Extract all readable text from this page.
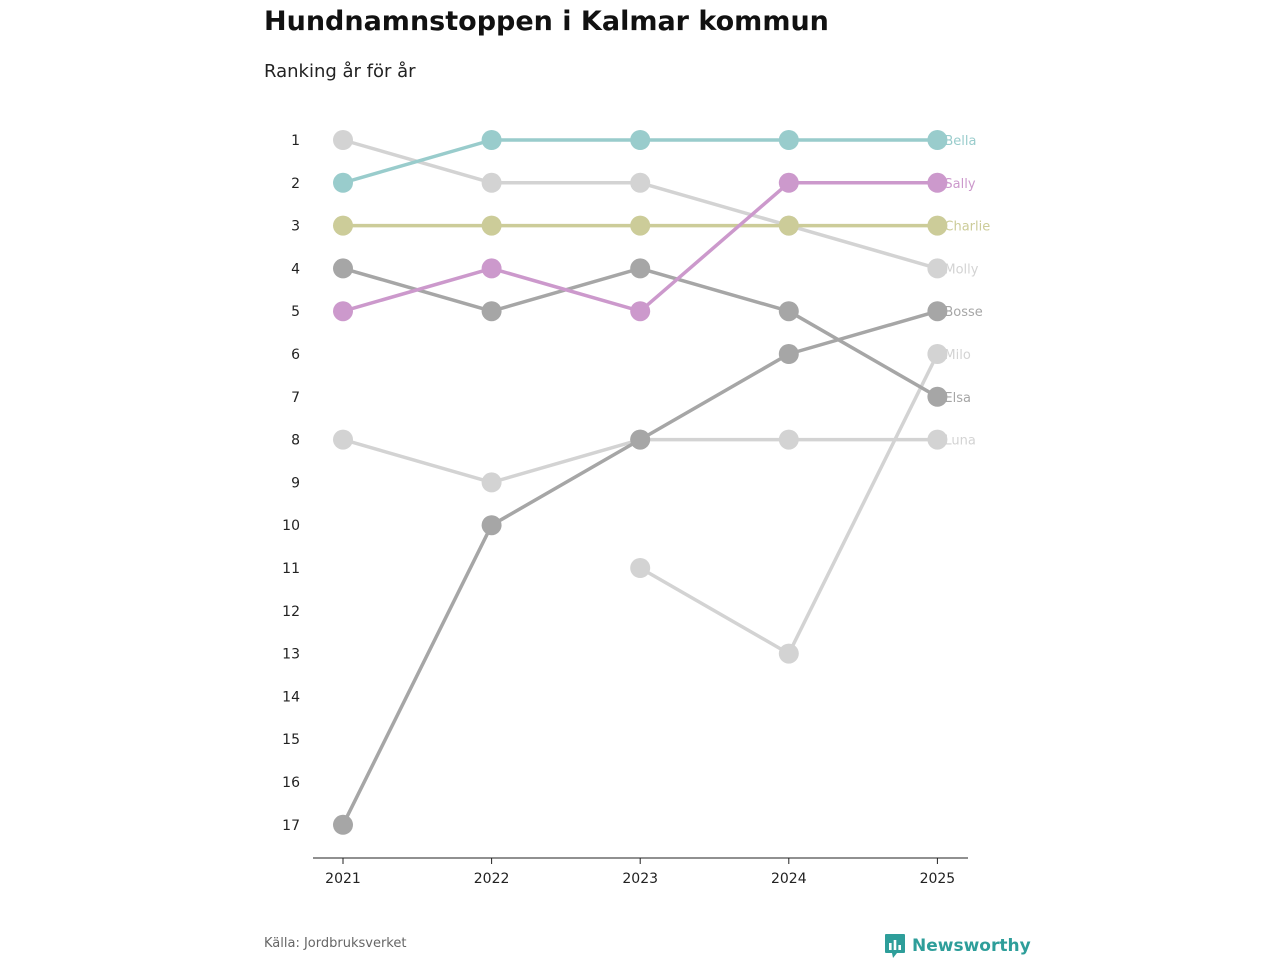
Hundnamnstoppen i Kalmar kommun

Ranking år för år

1
2
3
4
5
6
7
8
9
10
11
12
13
14
15
16
17
2021	2022	2023	2024	2025
Molly
Luna
Milo
Elsa
Bosse
Charlie
Sally
Bella
Källa: Jordbruksverket	Newsworthy
